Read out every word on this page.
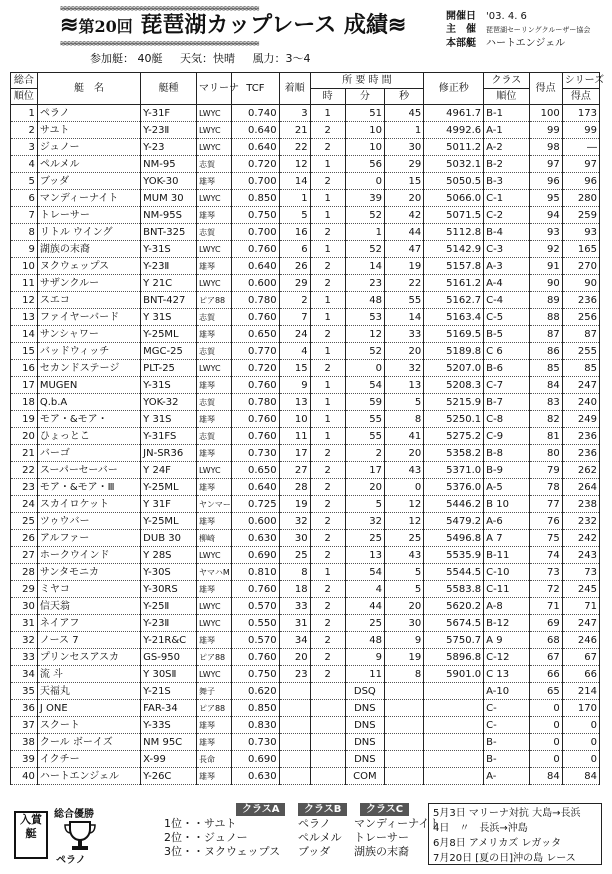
≋≋≋≋≋≋≋≋≋≋≋≋≋≋≋≋≋≋≋≋≋≋≋≋≋≋≋≋≋≋≋≋≋≋≋≋≋≋≋≋≋≋≋≋≋≋≋≋≋≋≋≋
≋第20回 琵琶湖カップレース 成績≋
≋≋≋≋≋≋≋≋≋≋≋≋≋≋≋≋≋≋≋≋≋≋≋≋≋≋≋≋≋≋≋≋≋≋≋≋≋≋≋≋≋≋≋≋≋≋≋≋≋≋≋≋
参加艇： 40艇 天気：快晴 風力：3～4
開催日 '03. 4. 6
主　催 琵琶湖セーリングクルーザー協会
本部艇 ハートエンジェル
総合	艇　名	艇種	マリーナ	TCF	着順	所 要 時 間			修正秒	クラス	得点	シリーズ
順位						時	分	秒		順位		得点
1	ペラノ	Y-31F	LWYC	0.740	3	1	51	45	4961.7	B-1	100	173
2	サユト	Y-23Ⅱ	LWYC	0.640	21	2	10	1	4992.6	A-1	99	99
3	ジュノー	Y-23	LWYC	0.640	22	2	10	30	5011.2	A-2	98	―
4	ペルメル	NM-95	志賀	0.720	12	1	56	29	5032.1	B-2	97	97
5	ブッダ	YOK-30	雄琴	0.700	14	2	0	15	5050.5	B-3	96	96
6	マンディーナイト	MUM 30	LWYC	0.850	1	1	39	20	5066.0	C-1	95	280
7	トレーサー	NM-95S	雄琴	0.750	5	1	52	42	5071.5	C-2	94	259
8	リトル ウイング	BNT-325	志賀	0.700	16	2	1	44	5112.8	B-4	93	93
9	湖族の末裔	Y-31S	LWYC	0.760	6	1	52	47	5142.9	C-3	92	165
10	ヌクウェップス	Y-23Ⅱ	雄琴	0.640	26	2	14	19	5157.8	A-3	91	270
11	サザンクルー	Y 21C	LWYC	0.600	29	2	23	22	5161.2	A-4	90	90
12	スエコ	BNT-427	ピア88	0.780	2	1	48	55	5162.7	C-4	89	236
13	ファイヤーバード	Y 31S	志賀	0.760	7	1	53	14	5163.4	C-5	88	256
14	サンシャワー	Y-25ML	雄琴	0.650	24	2	12	33	5169.5	B-5	87	87
15	バッドウィッチ	MGC-25	志賀	0.770	4	1	52	20	5189.8	C 6	86	255
16	セカンドステージ	PLT-25	LWYC	0.720	15	2	0	32	5207.0	B-6	85	85
17	MUGEN	Y-31S	雄琴	0.760	9	1	54	13	5208.3	C-7	84	247
18	Q.b.A	YOK-32	志賀	0.780	13	1	59	5	5215.9	B-7	83	240
19	モア・&モア・	Y 31S	雄琴	0.760	10	1	55	8	5250.1	C-8	82	249
20	ひょっとこ	Y-31FS	志賀	0.760	11	1	55	41	5275.2	C-9	81	236
21	バーゴ	JN-SR36	雄琴	0.730	17	2	2	20	5358.2	B-8	80	236
22	スーパーセーバー	Y 24F	LWYC	0.650	27	2	17	43	5371.0	B-9	79	262
23	モア・&モア・Ⅲ	Y-25ML	雄琴	0.640	28	2	20	0	5376.0	A-5	78	264
24	スカイロケット	Y 31F	ヤンマー	0.725	19	2	5	12	5446.2	B 10	77	238
25	ツゥウバー	Y-25ML	雄琴	0.600	32	2	32	12	5479.2	A-6	76	232
26	アルファー	DUB 30	柳崎	0.630	30	2	25	25	5496.8	A 7	75	242
27	ホークウインド	Y 28S	LWYC	0.690	25	2	13	43	5535.9	B-11	74	243
28	サンタモニカ	Y-30S	ヤマハM	0.810	8	1	54	5	5544.5	C-10	73	73
29	ミヤコ	Y-30RS	雄琴	0.760	18	2	4	5	5583.8	C-11	72	245
30	信天翁	Y-25Ⅱ	LWYC	0.570	33	2	44	20	5620.2	A-8	71	71
31	ネイアフ	Y-23Ⅱ	LWYC	0.550	31	2	25	30	5674.5	B-12	69	247
32	ノース 7	Y-21R&C	雄琴	0.570	34	2	48	9	5750.7	A 9	68	246
33	プリンセスアスカ	GS-950	ピア88	0.760	20	2	9	19	5896.8	C-12	67	67
34	流 斗	Y 30SⅡ	LWYC	0.750	23	2	11	8	5901.0	C 13	66	66
35	天福丸	Y-21S	舞子	0.620			DSQ			A-10	65	214
36	J ONE	FAR-34	ピア88	0.850			DNS			C-	0	170
37	スクート	Y-33S	雄琴	0.830			DNS			C-	0	0
38	クール ボーイズ	NM 95C	雄琴	0.730			DNS			B-	0	0
39	イクチー	X-99	長命	0.690			DNS			B-	0	0
40	ハートエンジェル	Y-26C	雄琴	0.630			COM			A-	84	84
入賞艇
総合優勝
ペラノ
1位・・サユト
2位・・ジュノー
3位・・ヌクウェップス
クラスA	クラスB
ペラノ
ペルメル
ブッダ
クラスC
マンディーナイト
トレーサー
湖族の末裔
5月3日 マリーナ対抗 大島→長浜
4日　〃　長浜→沖島
6月8日 アメリカズ レガッタ
7月20日 [夏の日]沖の島 レース
